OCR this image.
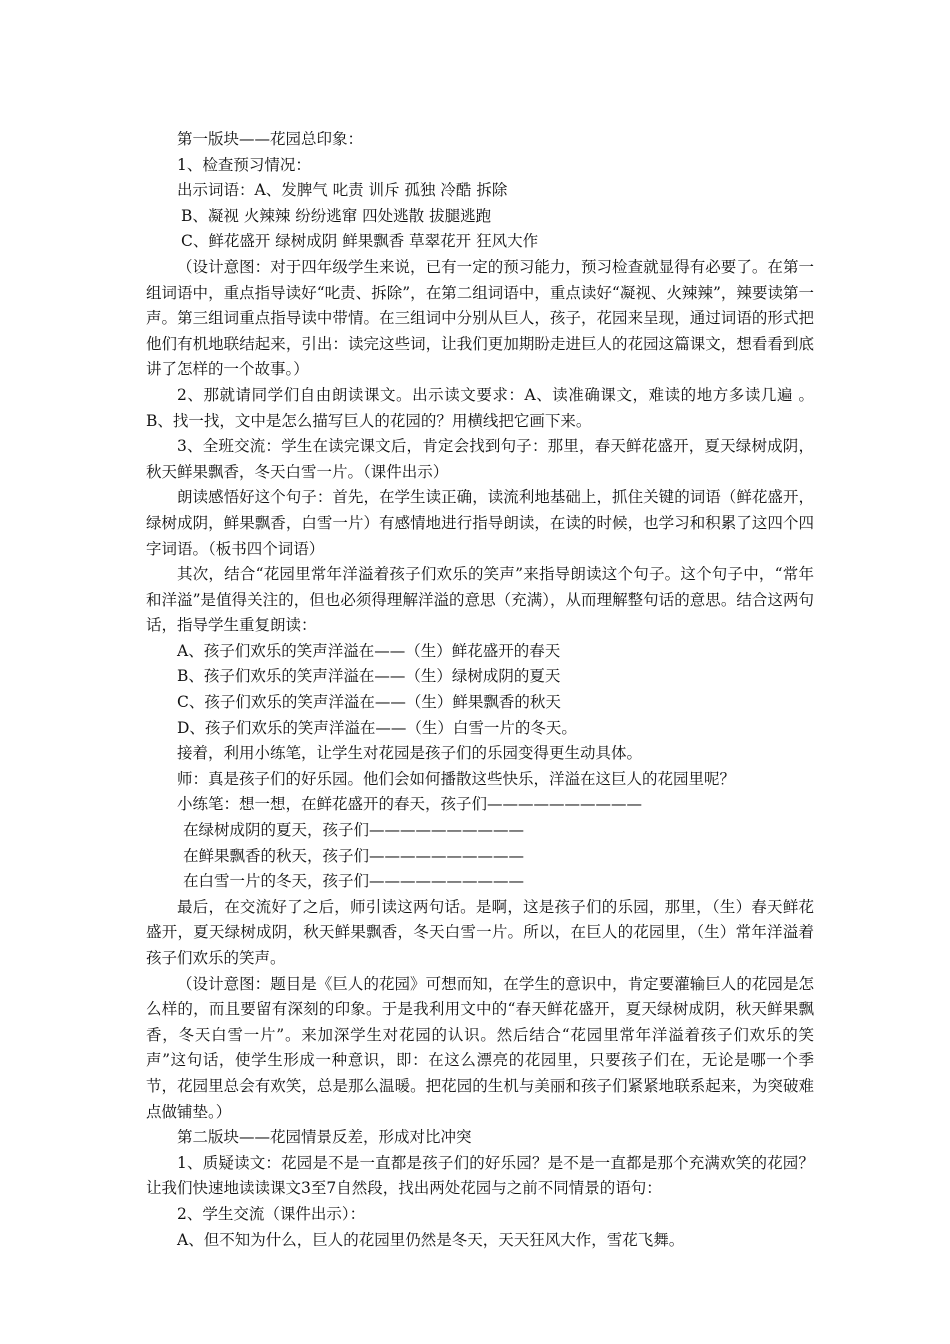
第一版块——花园总印象：

1、检查预习情况：

出示词语：A、发脾气 叱责 训斥 孤独 冷酷 拆除

B、凝视 火辣辣 纷纷逃窜 四处逃散 拔腿逃跑

C、鲜花盛开 绿树成阴 鲜果飘香 草翠花开 狂风大作

（设计意图：对于四年级学生来说，已有一定的预习能力，预习检查就显得有必要了。在第一组词语中，重点指导读好“叱责、拆除”，在第二组词语中，重点读好“凝视、火辣辣”，辣要读第一声。第三组词重点指导读中带情。在三组词中分别从巨人，孩子，花园来呈现，通过词语的形式把他们有机地联结起来，引出：读完这些词，让我们更加期盼走进巨人的花园这篇课文，想看看到底讲了怎样的一个故事。）

2、那就请同学们自由朗读课文。出示读文要求：A、读准确课文，难读的地方多读几遍 。B、找一找，文中是怎么描写巨人的花园的？用横线把它画下来。

3、全班交流：学生在读完课文后，肯定会找到句子：那里，春天鲜花盛开，夏天绿树成阴，秋天鲜果飘香，冬天白雪一片。（课件出示）

朗读感悟好这个句子：首先，在学生读正确，读流利地基础上，抓住关键的词语（鲜花盛开，绿树成阴，鲜果飘香，白雪一片）有感情地进行指导朗读，在读的时候，也学习和积累了这四个四字词语。（板书四个词语）

其次，结合“花园里常年洋溢着孩子们欢乐的笑声”来指导朗读这个句子。这个句子中，“常年和洋溢”是值得关注的，但也必须得理解洋溢的意思（充满），从而理解整句话的意思。结合这两句话，指导学生重复朗读：

A、孩子们欢乐的笑声洋溢在——（生）鲜花盛开的春天

B、孩子们欢乐的笑声洋溢在——（生）绿树成阴的夏天

C、孩子们欢乐的笑声洋溢在——（生）鲜果飘香的秋天

D、孩子们欢乐的笑声洋溢在——（生）白雪一片的冬天。

接着，利用小练笔，让学生对花园是孩子们的乐园变得更生动具体。

师：真是孩子们的好乐园。他们会如何播散这些快乐，洋溢在这巨人的花园里呢？

小练笔：想一想，在鲜花盛开的春天，孩子们——————————

在绿树成阴的夏天，孩子们——————————

在鲜果飘香的秋天，孩子们——————————

在白雪一片的冬天，孩子们——————————

最后，在交流好了之后，师引读这两句话。是啊，这是孩子们的乐园，那里，（生）春天鲜花盛开，夏天绿树成阴，秋天鲜果飘香，冬天白雪一片。所以，在巨人的花园里，（生）常年洋溢着孩子们欢乐的笑声。

（设计意图：题目是《巨人的花园》可想而知，在学生的意识中，肯定要灌输巨人的花园是怎么样的，而且要留有深刻的印象。于是我利用文中的“春天鲜花盛开，夏天绿树成阴，秋天鲜果飘香，冬天白雪一片”。来加深学生对花园的认识。然后结合“花园里常年洋溢着孩子们欢乐的笑声”这句话，使学生形成一种意识，即：在这么漂亮的花园里，只要孩子们在，无论是哪一个季节，花园里总会有欢笑，总是那么温暖。把花园的生机与美丽和孩子们紧紧地联系起来，为突破难点做铺垫。）

第二版块——花园情景反差，形成对比冲突

1、质疑读文：花园是不是一直都是孩子们的好乐园？是不是一直都是那个充满欢笑的花园？让我们快速地读读课文3至7自然段，找出两处花园与之前不同情景的语句：

2、学生交流（课件出示）：

A、但不知为什么，巨人的花园里仍然是冬天，天天狂风大作，雪花飞舞。
